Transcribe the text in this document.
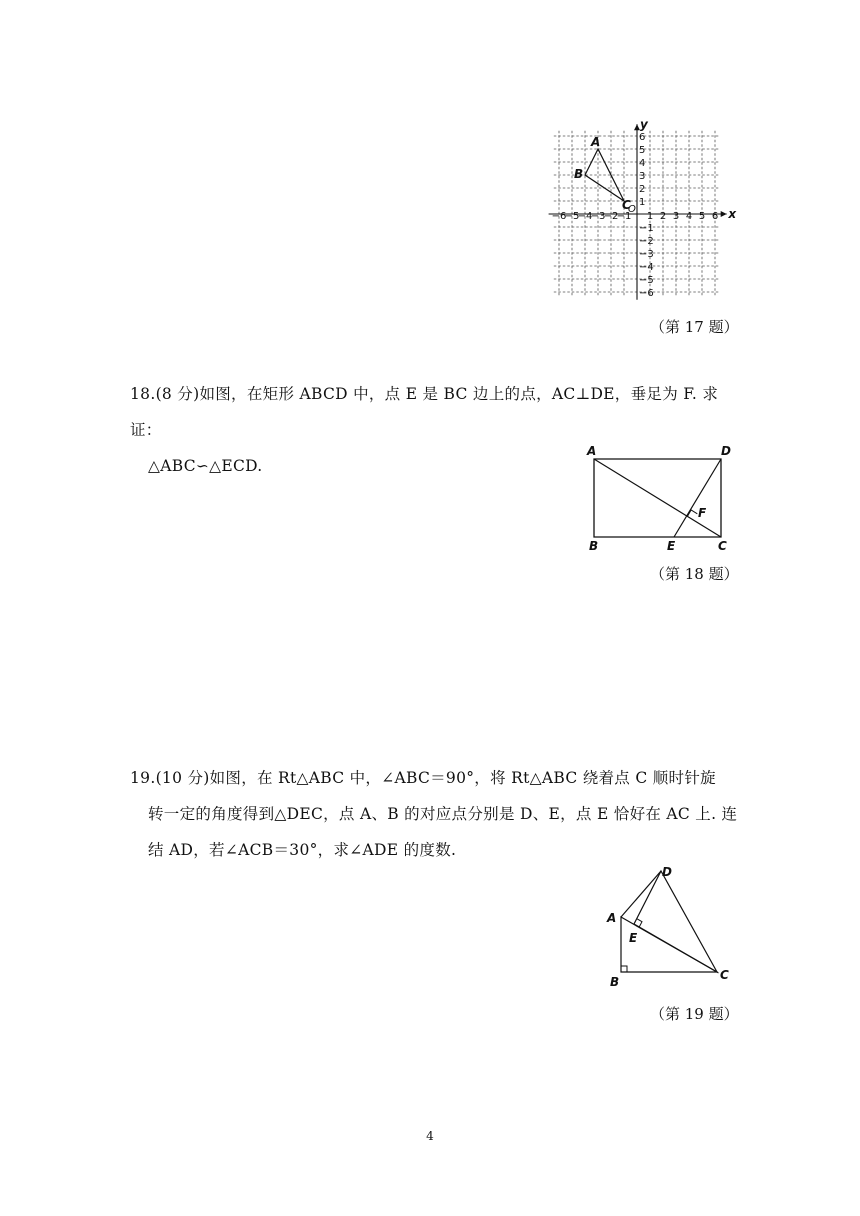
x
y
O
−6
−5
−4
−3
−2
−1 1 2 3 4 5 6
6
5
4
3
2
1
−1
−2
−3
−4
−5
−6
A
B
C
（第 17 题）
18.(8 分)如图，在矩形 ABCD 中，点 E 是 BC 边上的点，AC⊥DE，垂足为 F. 求证：
△ABC∽△ECD.
A	D
B	E	C
F
（第 18 题）
19.(10 分)如图，在 Rt△ABC 中，∠ABC＝90°，将 Rt△ABC 绕着点 C 顺时针旋
转一定的角度得到△DEC，点 A、B 的对应点分别是 D、E，点 E 恰好在 AC 上. 连
结 AD，若∠ACB＝30°，求∠ADE 的度数.
D
A
E
B	C
（第 19 题）
4
